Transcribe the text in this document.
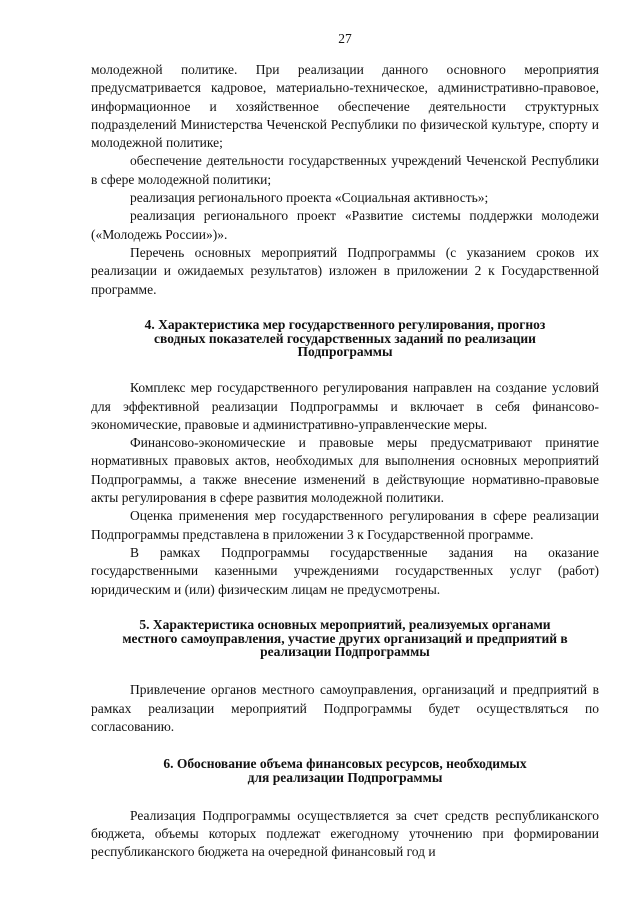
27

молодежной политике. При реализации данного основного мероприятия предусматривается кадровое, материально-техническое, административно-правовое, информационное и хозяйственное обеспечение деятельности структурных подразделений Министерства Чеченской Республики по физической культуре, спорту и молодежной политике;

обеспечение деятельности государственных учреждений Чеченской Республики в сфере молодежной политики;

реализация регионального проекта «Социальная активность»;

реализация регионального проект «Развитие системы поддержки молодежи («Молодежь России»)».

Перечень основных мероприятий Подпрограммы (с указанием сроков их реализации и ожидаемых результатов) изложен в приложении 2 к Государственной программе.

4. Характеристика мер государственного регулирования, прогноз
сводных показателей государственных заданий по реализации
Подпрограммы

Комплекс мер государственного регулирования направлен на создание условий для эффективной реализации Подпрограммы и включает в себя финансово-экономические, правовые и административно-управленческие меры.

Финансово-экономические и правовые меры предусматривают принятие нормативных правовых актов, необходимых для выполнения основных мероприятий Подпрограммы, а также внесение изменений в действующие нормативно-правовые акты регулирования в сфере развития молодежной политики.

Оценка применения мер государственного регулирования в сфере реализации Подпрограммы представлена в приложении 3 к Государственной программе.

В рамках Подпрограммы государственные задания на оказание государственными казенными учреждениями государственных услуг (работ) юридическим и (или) физическим лицам не предусмотрены.

5. Характеристика основных мероприятий, реализуемых органами
местного самоуправления, участие других организаций и предприятий в
реализации Подпрограммы

Привлечение органов местного самоуправления, организаций и предприятий в рамках реализации мероприятий Подпрограммы будет осуществляться по согласованию.

6. Обоснование объема финансовых ресурсов, необходимых
для реализации Подпрограммы

Реализация Подпрограммы осуществляется за счет средств республиканского бюджета, объемы которых подлежат ежегодному уточнению при формировании республиканского бюджета на очередной финансовый год и
